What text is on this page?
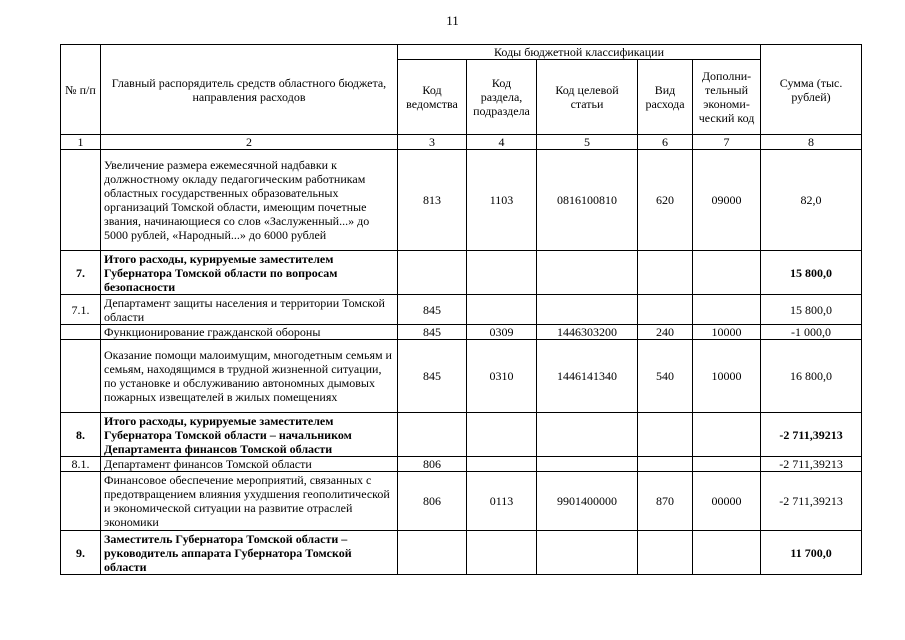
11
№ п/п	Главный распорядитель средств областного бюджета, направления расходов	Коды бюджетной классификации					Сумма (тыс. рублей)
		Код ведомства	Код раздела, подраздела	Код целевой статьи	Вид расхода	Дополни-тельный экономи-ческий код	
1	2	3	4	5	6	7	8
	Увеличение размера ежемесячной надбавки к должностному окладу педагогическим работникам областных государственных образовательных организаций Томской области, имеющим почетные звания, начинающиеся со слов «Заслуженный...» до 5000 рублей, «Народный...» до 6000 рублей	813	1103	0816100810	620	09000	82,0
7.	Итого расходы, курируемые заместителем Губернатора Томской области по вопросам безопасности						15 800,0
7.1.	Департамент защиты населения и территории Томской области	845					15 800,0
	Функционирование гражданской обороны	845	0309	1446303200	240	10000	-1 000,0
	Оказание помощи малоимущим, многодетным семьям и семьям, находящимся в трудной жизненной ситуации, по установке и обслуживанию автономных дымовых пожарных извещателей в жилых помещениях	845	0310	1446141340	540	10000	16 800,0
8.	Итого расходы, курируемые заместителем Губернатора Томской области – начальником Департамента финансов Томской области						-2 711,39213
8.1.	Департамент финансов Томской области	806					-2 711,39213
	Финансовое обеспечение мероприятий, связанных с предотвращением влияния ухудшения геополитической и экономической ситуации на развитие отраслей экономики	806	0113	9901400000	870	00000	-2 711,39213
9.	Заместитель Губернатора Томской области – руководитель аппарата Губернатора Томской области						11 700,0
